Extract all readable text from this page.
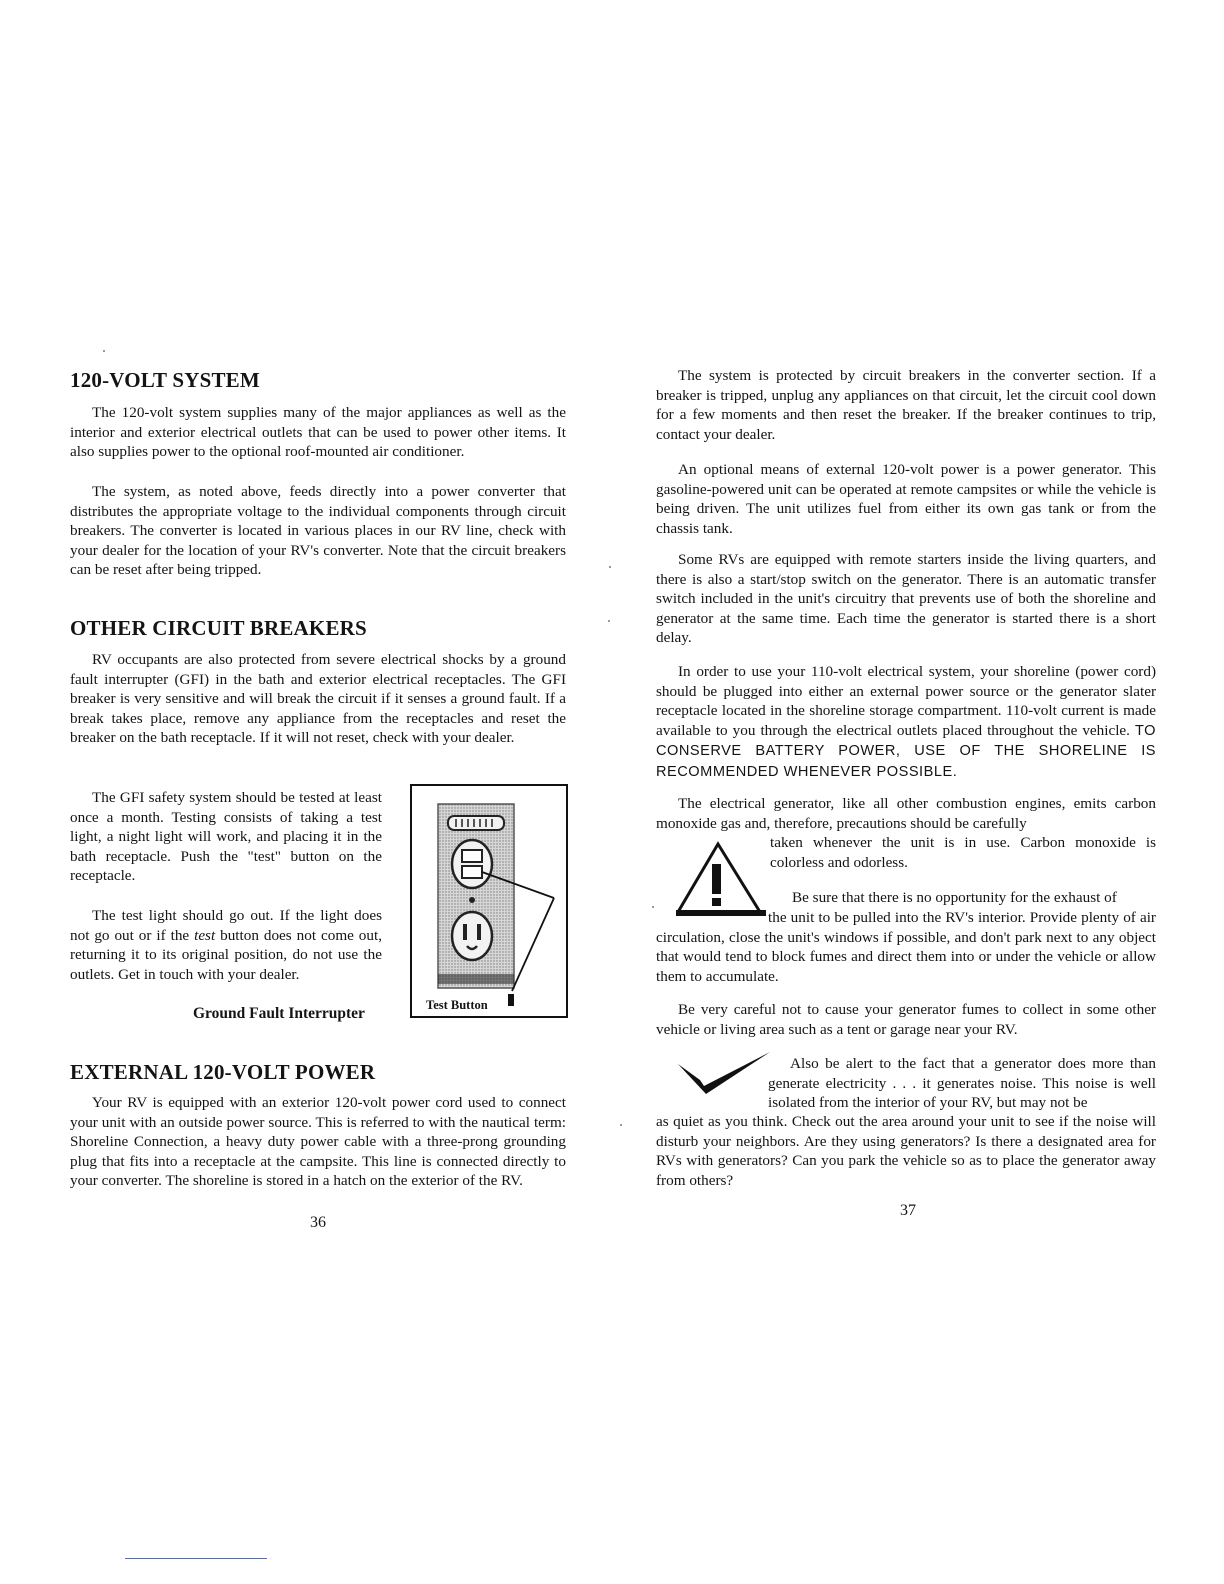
120-VOLT SYSTEM

The 120-volt system supplies many of the major appliances as well as the interior and exterior electrical outlets that can be used to power other items. It also supplies power to the optional roof-mounted air conditioner.

The system, as noted above, feeds directly into a power converter that distributes the appropriate voltage to the individual components through circuit breakers. The converter is located in various places in our RV line, check with your dealer for the location of your RV's converter. Note that the circuit breakers can be reset after being tripped.

OTHER CIRCUIT BREAKERS

RV occupants are also protected from severe electrical shocks by a ground fault interrupter (GFI) in the bath and exterior electrical receptacles. The GFI breaker is very sensitive and will break the circuit if it senses a ground fault. If a break takes place, remove any appliance from the receptacles and reset the breaker on the bath receptacle. If it will not reset, check with your dealer.

The GFI safety system should be tested at least once a month. Testing consists of taking a test light, a night light will work, and placing it in the bath receptacle. Push the "test" button on the receptacle.

The test light should go out. If the light does not go out or if the test button does not come out, returning it to its original position, do not use the outlets. Get in touch with your dealer.

Test Button
Ground Fault Interrupter
EXTERNAL 120-VOLT POWER

Your RV is equipped with an exterior 120-volt power cord used to connect your unit with an outside power source. This is referred to with the nautical term: Shoreline Connection, a heavy duty power cable with a three-prong grounding plug that fits into a receptacle at the campsite. This line is connected directly to your converter. The shoreline is stored in a hatch on the exterior of the RV.

36

The system is protected by circuit breakers in the converter section. If a breaker is tripped, unplug any appliances on that circuit, let the circuit cool down for a few moments and then reset the breaker. If the breaker continues to trip, contact your dealer.

An optional means of external 120-volt power is a power generator. This gasoline-powered unit can be operated at remote campsites or while the vehicle is being driven. The unit utilizes fuel from either its own gas tank or from the chassis tank.

Some RVs are equipped with remote starters inside the living quarters, and there is also a start/stop switch on the generator. There is an automatic transfer switch included in the unit's circuitry that prevents use of both the shoreline and generator at the same time. Each time the generator is started there is a short delay.

In order to use your 110-volt electrical system, your shoreline (power cord) should be plugged into either an external power source or the generator slater receptacle located in the shoreline storage compartment. 110-volt current is made available to you through the electrical outlets placed throughout the vehicle. TO CONSERVE BATTERY POWER, USE OF THE SHORELINE IS RECOMMENDED WHENEVER POSSIBLE.

The electrical generator, like all other combustion engines, emits carbon monoxide gas and, therefore, precautions should be carefully

taken whenever the unit is in use. Carbon monoxide is colorless and odorless.

Be sure that there is no opportunity for the exhaust of

the unit to be pulled into the RV's interior. Provide plenty of air circulation, close the unit's windows if possible, and don't park next to any object that would tend to block fumes and direct them into or under the vehicle or allow them to accumulate.

Be very careful not to cause your generator fumes to collect in some other vehicle or living area such as a tent or garage near your RV.

Also be alert to the fact that a generator does more than generate electricity . . . it generates noise. This noise is well isolated from the interior of your RV, but may not be

as quiet as you think. Check out the area around your unit to see if the noise will disturb your neighbors. Are they using generators? Is there a designated area for RVs with generators? Can you park the vehicle so as to place the generator away from others?

37
